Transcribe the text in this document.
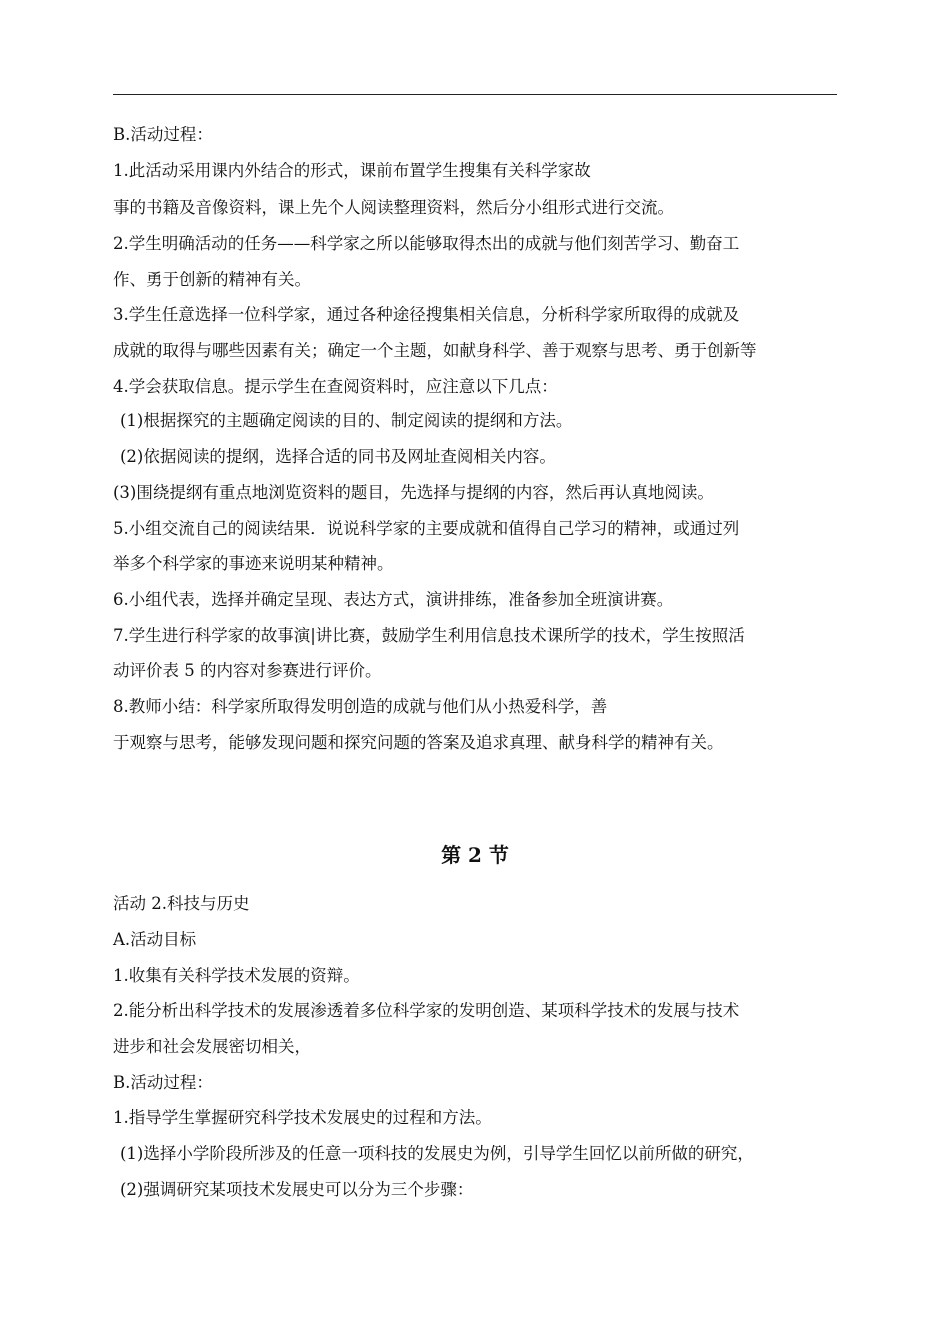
B.活动过程：
1.此活动采用课内外结合的形式，课前布置学生搜集有关科学家故
事的书籍及音像资料，课上先个人阅读整理资料，然后分小组形式进行交流。
2.学生明确活动的任务——科学家之所以能够取得杰出的成就与他们刻苦学习、勤奋工
作、勇于创新的精神有关。
3.学生任意选择一位科学家，通过各种途径搜集相关信息，分析科学家所取得的成就及
成就的取得与哪些因素有关；确定一个主题，如献身科学、善于观察与思考、勇于创新等
4.学会获取信息。提示学生在查阅资料时，应注意以下几点：
(1)根据探究的主题确定阅读的目的、制定阅读的提纲和方法。
(2)依据阅读的提纲，选择合适的同书及网址查阅相关内容。
(3)围绕提纲有重点地浏览资料的题目，先选择与提纲的内容，然后再认真地阅读。
5.小组交流自己的阅读结果．说说科学家的主要成就和值得自己学习的精神，或通过列
举多个科学家的事迹来说明某种精神。
6.小组代表，选择并确定呈现、表达方式，演讲排练，准备参加全班演讲赛。
7.学生进行科学家的故事演|讲比赛，鼓励学生利用信息技术课所学的技术，学生按照活
动评价表 5 的内容对参赛进行评价。
8.教师小结：科学家所取得发明创造的成就与他们从小热爱科学，善
于观察与思考，能够发现问题和探究问题的答案及追求真理、献身科学的精神有关。
第 2 节
活动 2.科技与历史
A.活动目标
1.收集有关科学技术发展的资辩。
2.能分析出科学技术的发展渗透着多位科学家的发明创造、某项科学技术的发展与技术
进步和社会发展密切相关，
B.活动过程：
1.指导学生掌握研究科学技术发展史的过程和方法。
(1)选择小学阶段所涉及的任意一项科技的发展史为例，引导学生回忆以前所做的研究，
(2)强调研究某项技术发展史可以分为三个步骤：
